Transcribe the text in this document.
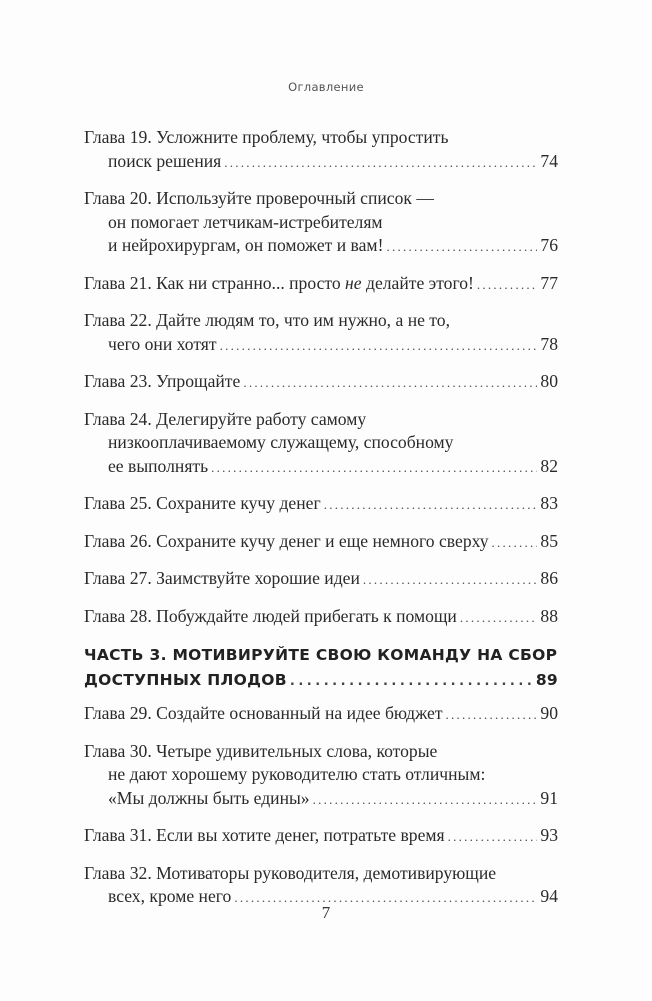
Оглавление
Глава 19. Усложните проблему, чтобы упростить
поиск решения . . .	74
Глава 20. Используйте проверочный список —
он помогает летчикам-истребителям
и нейрохирургам, он поможет и вам! . . .	76
Глава 21. Как ни странно... просто не делайте этого! . . .	77
Глава 22. Дайте людям то, что им нужно, а не то,
чего они хотят . . .	78
Глава 23. Упрощайте . . .	80
Глава 24. Делегируйте работу самому
низкооплачиваемому служащему, способному
ее выполнять . . .	82
Глава 25. Сохраните кучу денег . . .	83
Глава 26. Сохраните кучу денег и еще немного сверху . . .	85
Глава 27. Заимствуйте хорошие идеи . . .	86
Глава 28. Побуждайте людей прибегать к помощи . . .	88
ЧАСТЬ 3. МОТИВИРУЙТЕ СВОЮ КОМАНДУ НА СБОР
ДОСТУПНЫХ ПЛОДОВ . . .	89
Глава 29. Создайте основанный на идее бюджет . . .	90
Глава 30. Четыре удивительных слова, которые
не дают хорошему руководителю стать отличным:
«Мы должны быть едины» . . .	91
Глава 31. Если вы хотите денег, потратьте время . . .	93
Глава 32. Мотиваторы руководителя, демотивирующие
всех, кроме него . . .	94
7
